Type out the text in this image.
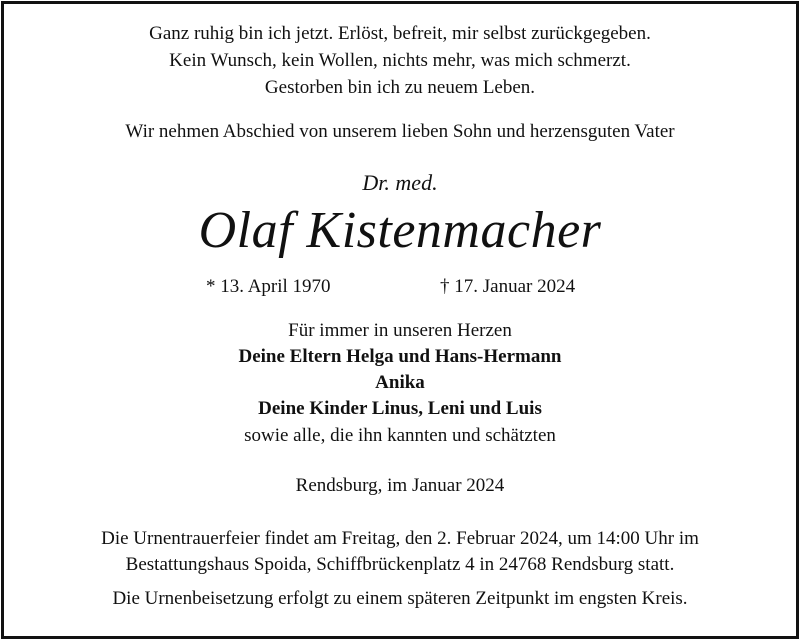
Ganz ruhig bin ich jetzt. Erlöst, befreit, mir selbst zurückgegeben.
Kein Wunsch, kein Wollen, nichts mehr, was mich schmerzt.
Gestorben bin ich zu neuem Leben.
Wir nehmen Abschied von unserem lieben Sohn und herzensguten Vater
Dr. med.
Olaf Kistenmacher
* 13. April 1970	† 17. Januar 2024
Für immer in unseren Herzen
Deine Eltern Helga und Hans-Hermann
Anika
Deine Kinder Linus, Leni und Luis
sowie alle, die ihn kannten und schätzten
Rendsburg, im Januar 2024
Die Urnentrauerfeier findet am Freitag, den 2. Februar 2024, um 14:00 Uhr im
Bestattungshaus Spoida, Schiffbrückenplatz 4 in 24768 Rendsburg statt.
Die Urnenbeisetzung erfolgt zu einem späteren Zeitpunkt im engsten Kreis.
